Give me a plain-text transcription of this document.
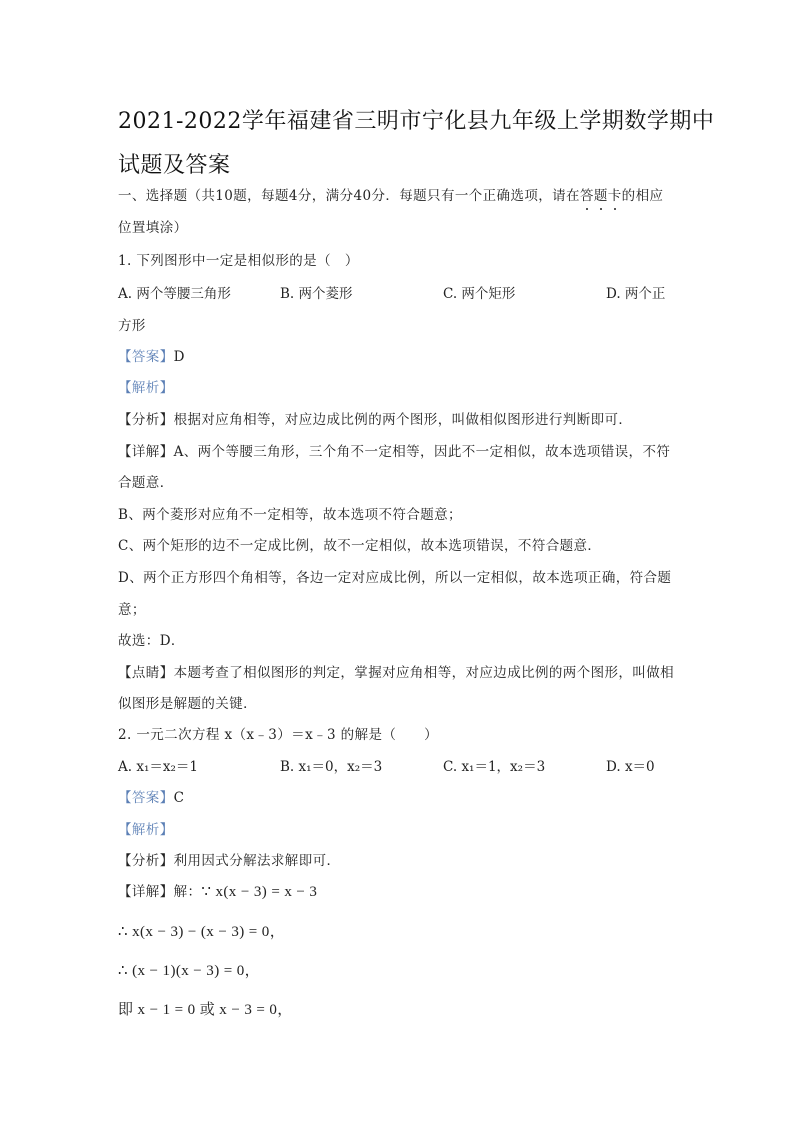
2021-2022学年福建省三明市宁化县九年级上学期数学期中
试题及答案
一、选择题（共10题，每题4分，满分40分．每题只有一个正确选项，请在答题卡的相应
位置填涂）
1. 下列图形中一定是相似形的是（　）
A. 两个等腰三角形	B. 两个菱形	C. 两个矩形	D. 两个正
方形
【答案】D
【解析】
【分析】根据对应角相等，对应边成比例的两个图形，叫做相似图形进行判断即可．
【详解】A、两个等腰三角形，三个角不一定相等，因此不一定相似，故本选项错误，不符
合题意．
B、两个菱形对应角不一定相等，故本选项不符合题意；
C、两个矩形的边不一定成比例，故不一定相似，故本选项错误，不符合题意．
D、两个正方形四个角相等，各边一定对应成比例，所以一定相似，故本选项正确，符合题
意；
故选：D．
【点睛】本题考查了相似图形的判定，掌握对应角相等，对应边成比例的两个图形，叫做相
似图形是解题的关键．
2. 一元二次方程 x（x﹣3）＝x﹣3 的解是（　　）
A. x₁＝x₂＝1	B. x₁＝0，x₂＝3	C. x₁＝1，x₂＝3	D. x＝0
【答案】C
【解析】
【分析】利用因式分解法求解即可．
【详解】解：∵ x(x − 3) = x − 3
∴ x(x − 3) − (x − 3) = 0，
∴ (x − 1)(x − 3) = 0，
即 x − 1 = 0 或 x − 3 = 0，
